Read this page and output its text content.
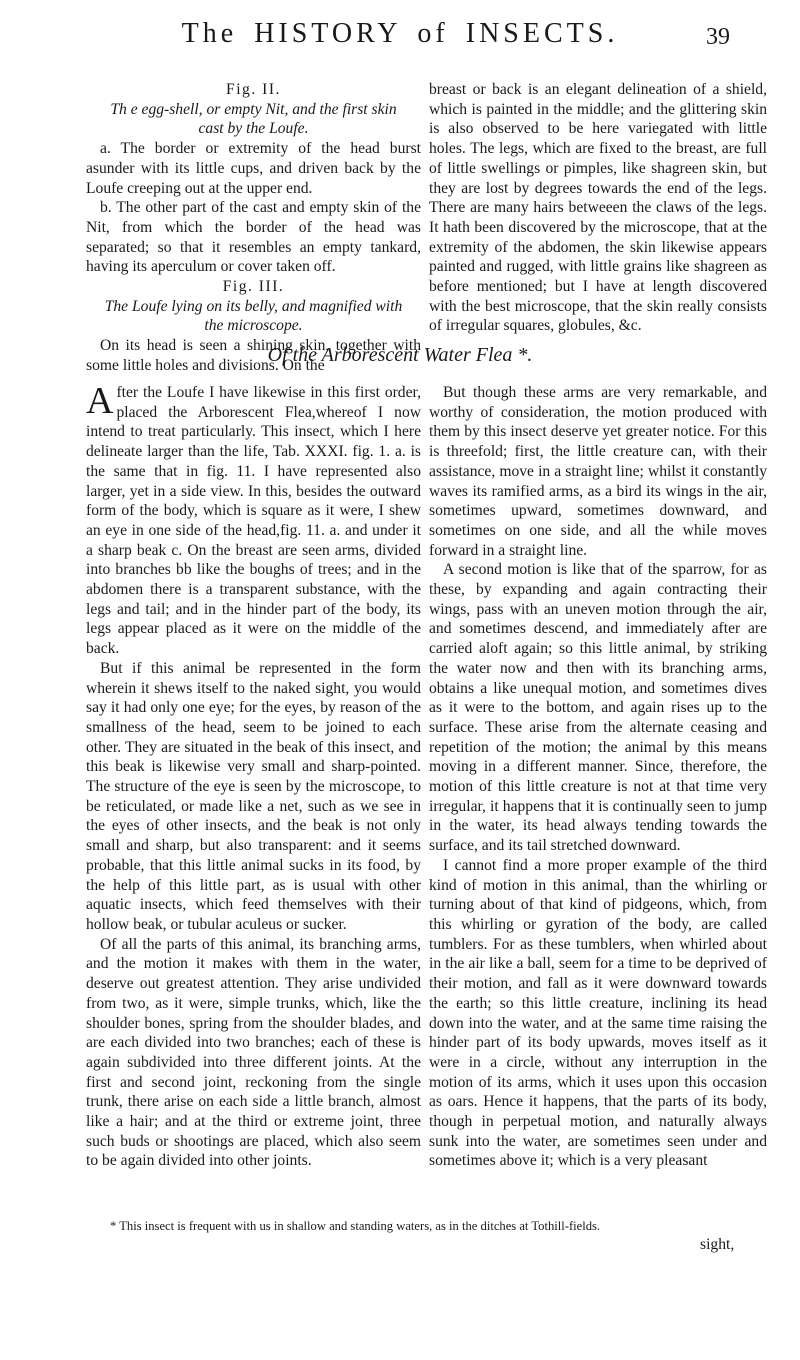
The HISTORY of INSECTS.	39

Fig. II.

Th e egg-shell, or empty Nit, and the first skin

cast by the Loufe.

a. The border or extremity of the head burst asunder with its little cups, and driven back by the Loufe creeping out at the upper end.

b. The other part of the cast and empty skin of the Nit, from which the border of the head was separated; so that it resembles an empty tankard, having its aperculum or cover taken off.

Fig. III.

The Loufe lying on its belly, and magnified with

the microscope.

On its head is seen a shining skin, together with some little holes and divisions. On the

breast or back is an elegant delineation of a shield, which is painted in the middle; and the glittering skin is also observed to be here variegated with little holes. The legs, which are fixed to the breast, are full of little swellings or pimples, like shagreen skin, but they are lost by degrees towards the end of the legs. There are many hairs betweeen the claws of the legs. It hath been discovered by the microscope, that at the extremity of the abdomen, the skin likewise appears painted and rugged, with little grains like shagreen as before mentioned; but I have at length discovered with the best microscope, that the skin really consists of irregular squares, globules, &c.

Of the Arborescent Water Flea *.

After the Loufe I have likewise in this first order, placed the Arborescent Flea,whereof I now intend to treat particularly. This insect, which I here delineate larger than the life, Tab. XXXI. fig. 1. a. is the same that in fig. 11. I have represented also larger, yet in a side view. In this, besides the outward form of the body, which is square as it were, I shew an eye in one side of the head,fig. 11. a. and under it a sharp beak c. On the breast are seen arms, divided into branches bb like the boughs of trees; and in the abdomen there is a transparent substance, with the legs and tail; and in the hinder part of the body, its legs appear placed as it were on the middle of the back.

But if this animal be represented in the form wherein it shews itself to the naked sight, you would say it had only one eye; for the eyes, by reason of the smallness of the head, seem to be joined to each other. They are situated in the beak of this insect, and this beak is likewise very small and sharp-pointed. The structure of the eye is seen by the microscope, to be reticulated, or made like a net, such as we see in the eyes of other insects, and the beak is not only small and sharp, but also transparent: and it seems probable, that this little animal sucks in its food, by the help of this little part, as is usual with other aquatic insects, which feed themselves with their hollow beak, or tubular aculeus or sucker.

Of all the parts of this animal, its branching arms, and the motion it makes with them in the water, deserve out greatest attention. They arise undivided from two, as it were, simple trunks, which, like the shoulder bones, spring from the shoulder blades, and are each divided into two branches; each of these is again subdivided into three different joints. At the first and second joint, reckoning from the single trunk, there arise on each side a little branch, almost like a hair; and at the third or extreme joint, three such buds or shootings are placed, which also seem to be again divided into other joints.

But though these arms are very remarkable, and worthy of consideration, the motion produced with them by this insect deserve yet greater notice. For this is threefold; first, the little creature can, with their assistance, move in a straight line; whilst it constantly waves its ramified arms, as a bird its wings in the air, sometimes upward, sometimes downward, and sometimes on one side, and all the while moves forward in a straight line.

A second motion is like that of the sparrow, for as these, by expanding and again contracting their wings, pass with an uneven motion through the air, and sometimes descend, and immediately after are carried aloft again; so this little animal, by striking the water now and then with its branching arms, obtains a like unequal motion, and sometimes dives as it were to the bottom, and again rises up to the surface. These arise from the alternate ceasing and repetition of the motion; the animal by this means moving in a different manner. Since, therefore, the motion of this little creature is not at that time very irregular, it happens that it is continually seen to jump in the water, its head always tending towards the surface, and its tail stretched downward.

I cannot find a more proper example of the third kind of motion in this animal, than the whirling or turning about of that kind of pidgeons, which, from this whirling or gyration of the body, are called tumblers. For as these tumblers, when whirled about in the air like a ball, seem for a time to be deprived of their motion, and fall as it were downward towards the earth; so this little creature, inclining its head down into the water, and at the same time raising the hinder part of its body upwards, moves itself as it were in a circle, without any interruption in the motion of its arms, which it uses upon this occasion as oars. Hence it happens, that the parts of its body, though in perpetual motion, and naturally always sunk into the water, are sometimes seen under and sometimes above it; which is a very pleasant

* This insect is frequent with us in shallow and standing waters, as in the ditches at Tothill-fields.
sight,
